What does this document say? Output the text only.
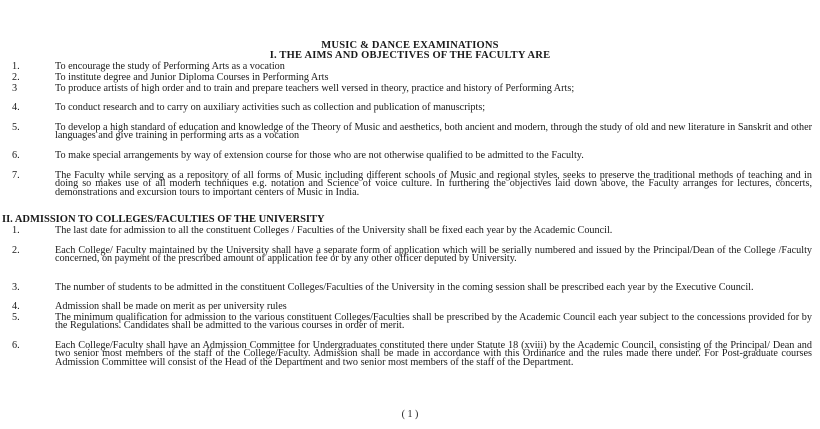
MUSIC & DANCE EXAMINATIONS
I. THE AIMS AND OBJECTIVES OF THE FACULTY ARE
1.	To encourage the study of Performing Arts as a vocation
2.	To institute degree and Junior Diploma Courses in Performing Arts
3	To produce artists of high order and to train and prepare teachers well versed in theory, practice and history of Performing Arts;
4.	To conduct research and to carry on auxiliary activities such as collection and publication of manuscripts;
5.	To develop a high standard of education and knowledge of the Theory of Music and aesthetics, both ancient and modern, through the study of old and new literature in Sanskrit and other languages and give training in performing arts as a vocation
6.	To make special arrangements by way of extension course for those who are not otherwise qualified to be admitted to the Faculty.
7.	The Faculty while serving as a repository of all forms of Music including different schools of Music and regional styles, seeks to preserve the traditional methods of teaching and in doing so makes use of all modern techniques e.g. notation and Science of voice culture. In furthering the objectives laid down above, the Faculty arranges for lectures, concerts, demonstrations and excursion tours to important centers of Music in India.
II. ADMISSION TO COLLEGES/FACULTIES OF THE UNIVERSITY
1.	The last date for admission to all the constituent Colleges / Faculties of the University shall be fixed each year by the Academic Council.
2.	Each College/ Faculty maintained by the University shall have a separate form of application which will be serially numbered and issued by the Principal/Dean of the College /Faculty concerned, on payment of the prescribed amount of application fee or by any other officer deputed by University.
3.	The number of students to be admitted in the constituent Colleges/Faculties of the University in the coming session shall be prescribed each year by the Executive Council.
4.	Admission shall be made on merit as per university rules
5.	The minimum qualification for admission to the various constituent Colleges/Faculties shall be prescribed by the Academic Council each year subject to the concessions provided for by the Regulations. Candidates shall be admitted to the various courses in order of merit.
6.	Each College/Faculty shall have an Admission Committee for Undergraduates constituted there under Statute 18 (xviii) by the Academic Council, consisting of the Principal/ Dean and two senior most members of the staff of the College/Faculty. Admission shall be made in accordance with this Ordinance and the rules made there under. For Post-graduate courses Admission Committee will consist of the Head of the Department and two senior most members of the staff of the Department.
( 1 )
